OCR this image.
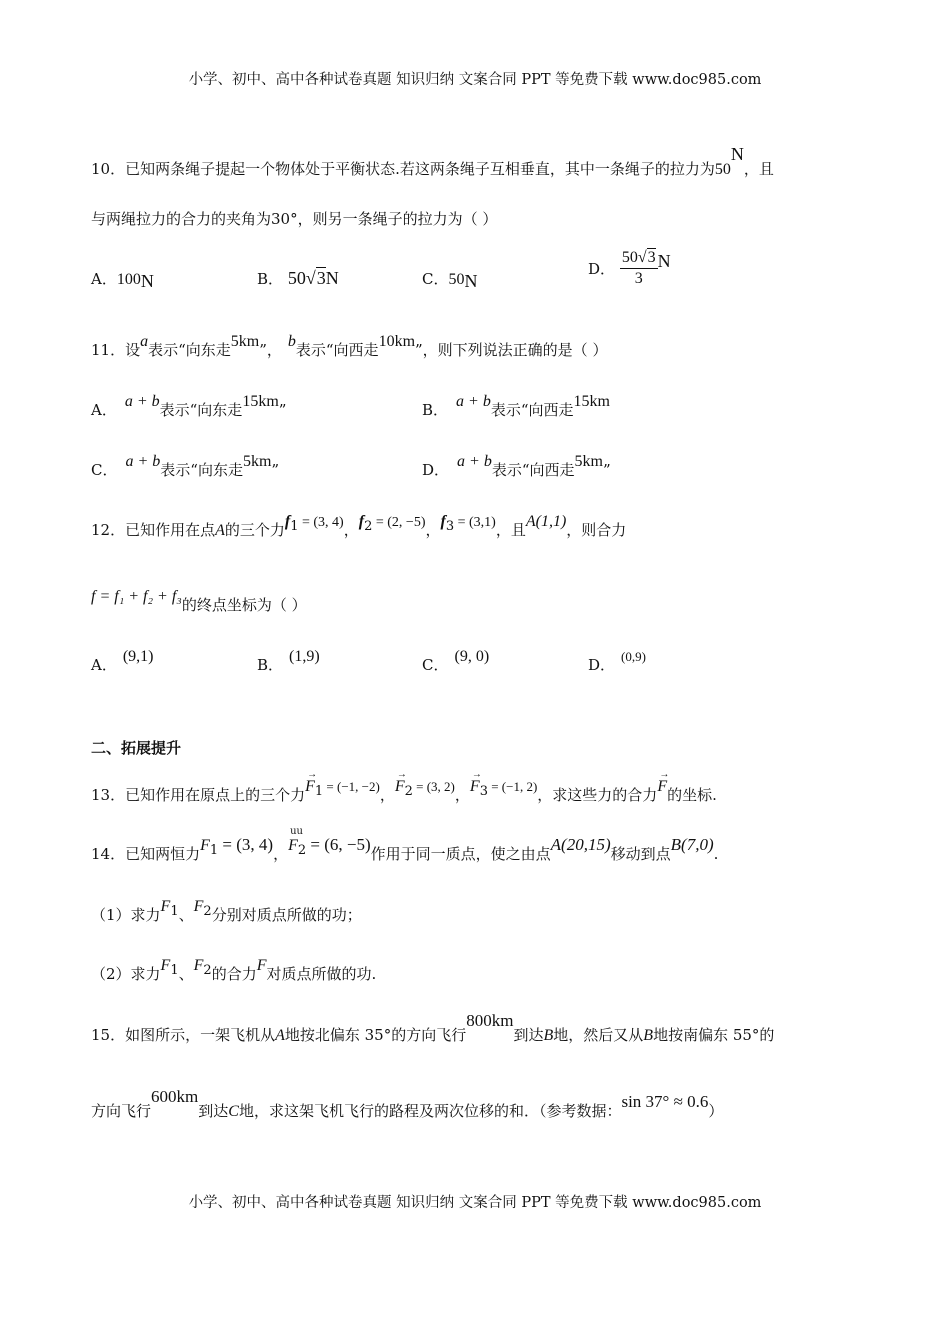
小学、初中、高中各种试卷真题 知识归纳 文案合同 PPT 等免费下载 www.doc985.com
10．已知两条绳子提起一个物体处于平衡状态.若这两条绳子互相垂直，其中一条绳子的拉力为50N，且
与两绳拉力的合力的夹角为30°，则另一条绳子的拉力为（ ）
A．100N	B． 50√3N	C．50N
D． $\frac{50√3}{3}$ N
11．设a表示“向东走5km”， b表示“向西走10km”，则下列说法正确的是（ ）
A． a + b表示“向东走15km”	B． a + b表示“向西走15km
C． a + b表示“向东走5km”	D． a + b表示“向西走5km”
12．已知作用在点A的三个力$f_1 = (3$, 4)，$f_2 = (2$, −5)，$f_3 = (3,1)$，且A(1,1)，则合力
f = f₁ + f₂ + f₃的终点坐标为（ ）
A． (9,1)	B． (1,9)	C． (9, 0)	D． (0,9)
二、拓展提升
13．已知作用在原点上的三个力→ $F_1 = (-1$, −2)，→ $F_2 = (3$, 2)，→ $F_3 = (-1$, 2)，求这些力的合力→ F的坐标.
14．已知两恒力$F_1 = (3$, 4)，
uu
$F_2 = (6$, −5)作用于同一质点，使之由点A(20,15)移动到点B(7,0).
（1）求力$F_1$、$F_2$分别对质点所做的功；
（2）求力$F_1$、$F_2$的合力F对质点所做的功.
15．如图所示，一架飞机从A地按北偏东 35°的方向飞行800km到达B地，然后又从B地按南偏东 55°的
方向飞行600km到达C地，求这架飞机飞行的路程及两次位移的和．（参考数据：sin 37° ≈ 0.6）
小学、初中、高中各种试卷真题 知识归纳 文案合同 PPT 等免费下载 www.doc985.com
